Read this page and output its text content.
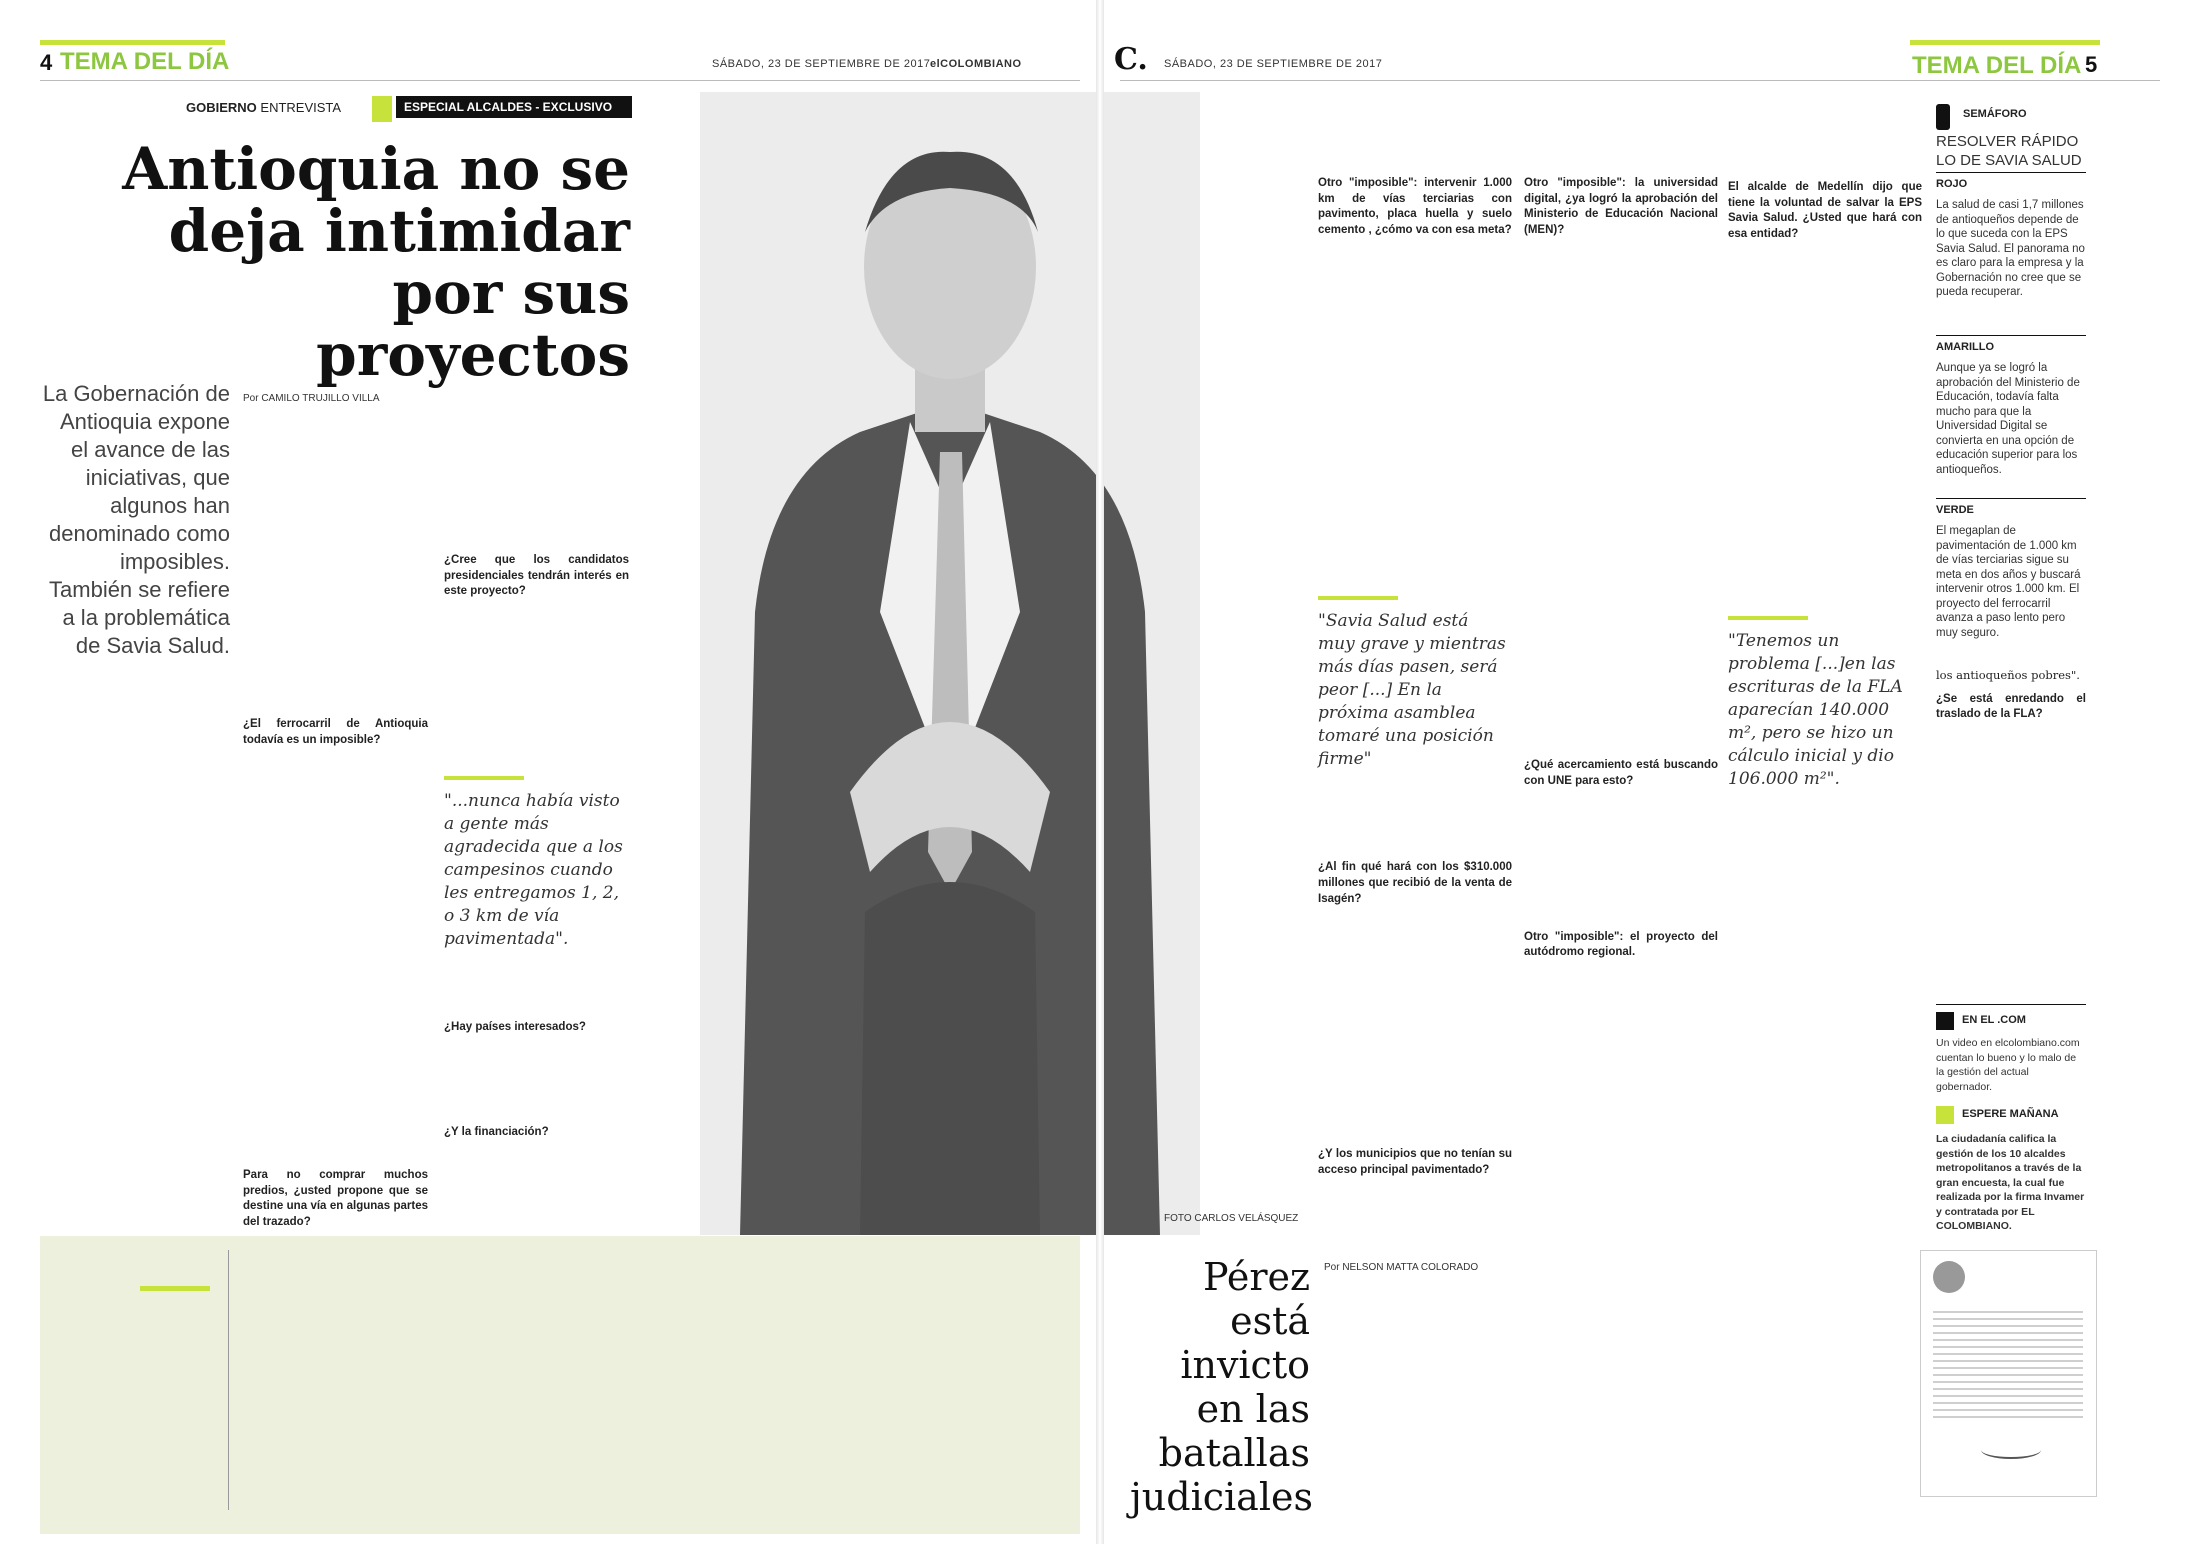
4 TEMA DEL DÍA	SÁBADO, 23 DE SEPTIEMBRE DE 2017 elCOLOMBIANO
GOBIERNO ENTREVISTA	ESPECIAL ALCALDES - EXCLUSIVO
Antioquia no se deja intimidar por sus proyectos
La Gobernación de Antioquia expone el avance de las iniciativas, que algunos han denominado como imposibles. También se refiere a la problemática de Savia Salud.
Por CAMILO TRUJILLO VILLA
¿El ferrocarril de Antioquia todavía es un imposible?
Para no comprar muchos predios, ¿usted propone que se destine una vía en algunas partes del trazado?
¿Cree que los candidatos presidenciales tendrán interés en este proyecto?
¿Hay países interesados?
¿Y la financiación?
"...nunca había visto a gente más agradecida que a los campesinos cuando les entregamos 1, 2, o 3 km de vía pavimentada".
FOTO CARLOS VELÁSQUEZ
C. SÁBADO, 23 DE SEPTIEMBRE DE 2017	TEMA DEL DÍA 5
Otro "imposible": intervenir 1.000 km de vías terciarias con pavimento, placa huella y suelo cemento , ¿cómo va con esa meta?
¿Al fin qué hará con los $310.000 millones que recibió de la venta de Isagén?
¿Y los municipios que no tenían su acceso principal pavimentado?
"Savia Salud está muy grave y mientras más días pasen, será peor [...] En la próxima asamblea tomaré una posición firme"
Otro "imposible": la universidad digital, ¿ya logró la aprobación del Ministerio de Educación Nacional (MEN)?
¿Qué acercamiento está buscando con UNE para esto?
Otro "imposible": el proyecto del autódromo regional.
El alcalde de Medellín dijo que tiene la voluntad de salvar la EPS Savia Salud. ¿Usted que hará con esa entidad?
"Tenemos un problema [...]en las escrituras de la FLA aparecían 140.000 m², pero se hizo un cálculo inicial y dio 106.000 m²".
SEMÁFORO
RESOLVER RÁPIDO LO DE SAVIA SALUD
ROJO
La salud de casi 1,7 millones de antioqueños depende de lo que suceda con la EPS Savia Salud. El panorama no es claro para la empresa y la Gobernación no cree que se pueda recuperar.
AMARILLO
Aunque ya se logró la aprobación del Ministerio de Educación, todavía falta mucho para que la Universidad Digital se convierta en una opción de educación superior para los antioqueños.
VERDE
El megaplan de pavimentación de 1.000 km de vías terciarias sigue su meta en dos años y buscará intervenir otros 1.000 km. El proyecto del ferrocarril avanza a paso lento pero muy seguro.
los antioqueños pobres".
¿Se está enredando el traslado de la FLA?
EN EL .COM
Un video en elcolombiano.com cuentan lo bueno y lo malo de la gestión del actual gobernador.
ESPERE MAÑANA
La ciudadanía califica la gestión de los 10 alcaldes metropolitanos a través de la gran encuesta, la cual fue realizada por la firma Invamer y contratada por EL COLOMBIANO.
Pérez está invicto en las batallas judiciales
Por NELSON MATTA COLORADO
